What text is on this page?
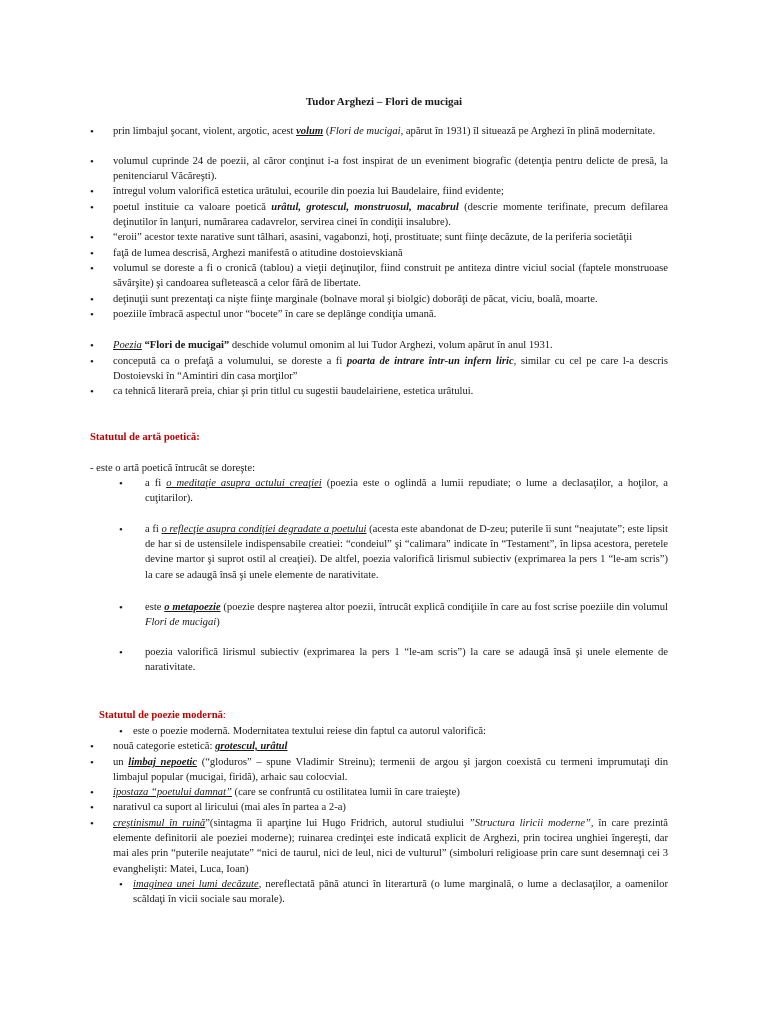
Tudor Arghezi – Flori de mucigai
• prin limbajul şocant, violent, argotic, acest volum (Flori de mucigai, apărut în 1931) îl situează pe Arghezi în plină modernitate.
• volumul cuprinde 24 de poezii, al căror conţinut i-a fost inspirat de un eveniment biografic (detenţia pentru delicte de presă, la penitenciarul Văcăreşti).
• întregul volum valorifică estetica urâtului, ecourile din poezia lui Baudelaire, fiind evidente;
• poetul instituie ca valoare poetică urâtul, grotescul, monstruosul, macabrul (descrie momente terifinate, precum defilarea deţinutilor în lanţuri, numărarea cadavrelor, servirea cinei în condiţii insalubre).
• “eroii” acestor texte narative sunt tâlhari, asasini, vagabonzi, hoţi, prostituate; sunt fiinţe decăzute, de la periferia societăţii
• faţă de lumea descrisă, Arghezi manifestă o atitudine dostoievskiană
• volumul se doreste a fi o cronică (tablou) a vieţii deţinuţilor, fiind construit pe antiteza dintre viciul social (faptele monstruoase săvârşite) şi candoarea sufletească a celor fără de libertate.
• deţinuţii sunt prezentaţi ca nişte fiinţe marginale (bolnave moral şi biolgic) doborâţi de păcat, viciu, boală, moarte.
• poeziile îmbracă aspectul unor “bocete” în care se deplânge condiţia umană.
• Poezia “Flori de mucigai” deschide volumul omonim al lui Tudor Arghezi, volum apărut în anul 1931.
• concepută ca o prefaţă a volumului, se doreste a fi poarta de intrare într-un infern liric, similar cu cel pe care l-a descris Dostoievski în “Amintiri din casa morţilor”
• ca tehnică literară preia, chiar şi prin titlul cu sugestii baudelairiene, estetica urâtului.
Statutul de artă poetică:
- este o artă poetică întrucât se doreşte:
• a fi o meditaţie asupra actului creaţiei (poezia este o oglindă a lumii repudiate; o lume a declasaţilor, a hoţilor, a cuţitarilor).
• a fi o reflecţie asupra condiţiei degradate a poetului (acesta este abandonat de D-zeu; puterile îi sunt “neajutate”; este lipsit de har si de ustensilele indispensabile creatiei: “condeiul” şi “calimara” indicate în “Testament”, în lipsa acestora, peretele devine martor şi suprot ostil al creaţiei). De altfel, poezia valorifică lirismul subiectiv (exprimarea la pers 1 “le-am scris”) la care se adaugă însă şi unele elemente de narativitate.
• este o metapoezie (poezie despre naşterea altor poezii, întrucât explică condiţiile în care au fost scrise poeziile din volumul Flori de mucigai)
• poezia valorifică lirismul subiectiv (exprimarea la pers 1 “le-am scris”) la care se adaugă însă şi unele elemente de narativitate.
Statutul de poezie modernă:
• este o poezie modernă. Modernitatea textului reiese din faptul ca autorul valorifică:
• nouă categorie estetică: grotescul, urâtul
• un limbaj nepoetic (“gloduros” – spune Vladimir Streinu); termenii de argou şi jargon coexistă cu termeni imprumutaţi din limbajul popular (mucigai, firidă), arhaic sau colocvial.
• ipostaza “poetului damnat” (care se confruntă cu ostilitatea lumii în care traieşte)
• narativul ca suport al liricului (mai ales în partea a 2-a)
• creştinismul în ruină”(sintagma îi aparţine lui Hugo Fridrich, autorul studiului ”Structura liricii moderne”, în care prezintă elemente definitorii ale poeziei moderne); ruinarea credinţei este indicată explicit de Arghezi, prin tocirea unghiei îngereşti, dar mai ales prin “puterile neajutate” “nici de taurul, nici de leul, nici de vulturul” (simboluri religioase prin care sunt desemnaţi cei 3 evanghelişti: Matei, Luca, Ioan)
• imaginea unei lumi decăzute, nereflectată până atunci în literartură (o lume marginală, o lume a declasaţilor, a oamenilor scăldaţi în vicii sociale sau morale).
